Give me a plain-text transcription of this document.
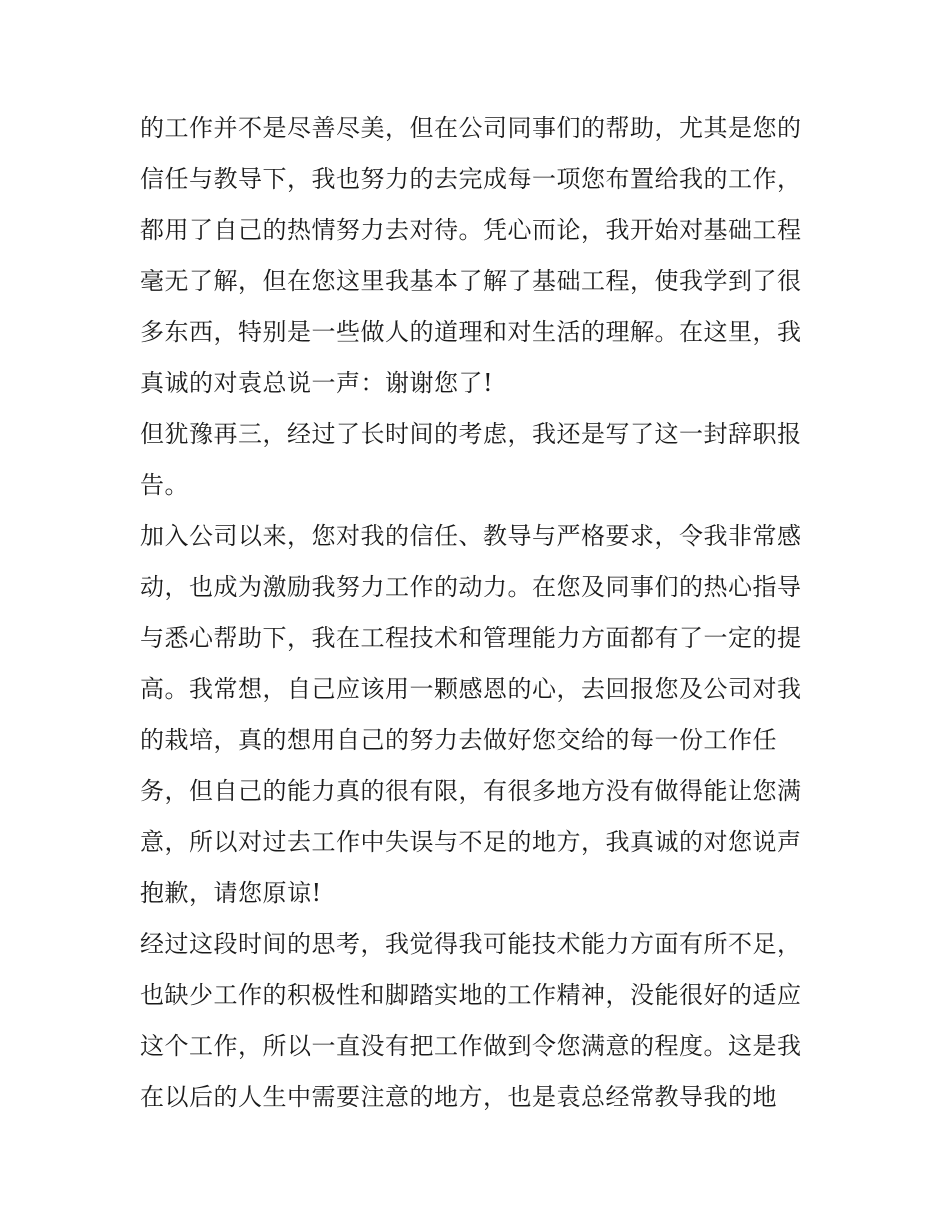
的工作并不是尽善尽美，但在公司同事们的帮助，尤其是您的
信任与教导下，我也努力的去完成每一项您布置给我的工作，
都用了自己的热情努力去对待。凭心而论，我开始对基础工程
毫无了解，但在您这里我基本了解了基础工程，使我学到了很
多东西，特别是一些做人的道理和对生活的理解。在这里，我
真诚的对袁总说一声：谢谢您了!
但犹豫再三，经过了长时间的考虑，我还是写了这一封辞职报
告。
加入公司以来，您对我的信任、教导与严格要求，令我非常感
动，也成为激励我努力工作的动力。在您及同事们的热心指导
与悉心帮助下，我在工程技术和管理能力方面都有了一定的提
高。我常想，自己应该用一颗感恩的心，去回报您及公司对我
的栽培，真的想用自己的努力去做好您交给的每一份工作任
务，但自己的能力真的很有限，有很多地方没有做得能让您满
意，所以对过去工作中失误与不足的地方，我真诚的对您说声
抱歉，请您原谅!
经过这段时间的思考，我觉得我可能技术能力方面有所不足，
也缺少工作的积极性和脚踏实地的工作精神，没能很好的适应
这个工作，所以一直没有把工作做到令您满意的程度。这是我
在以后的人生中需要注意的地方，也是袁总经常教导我的地
